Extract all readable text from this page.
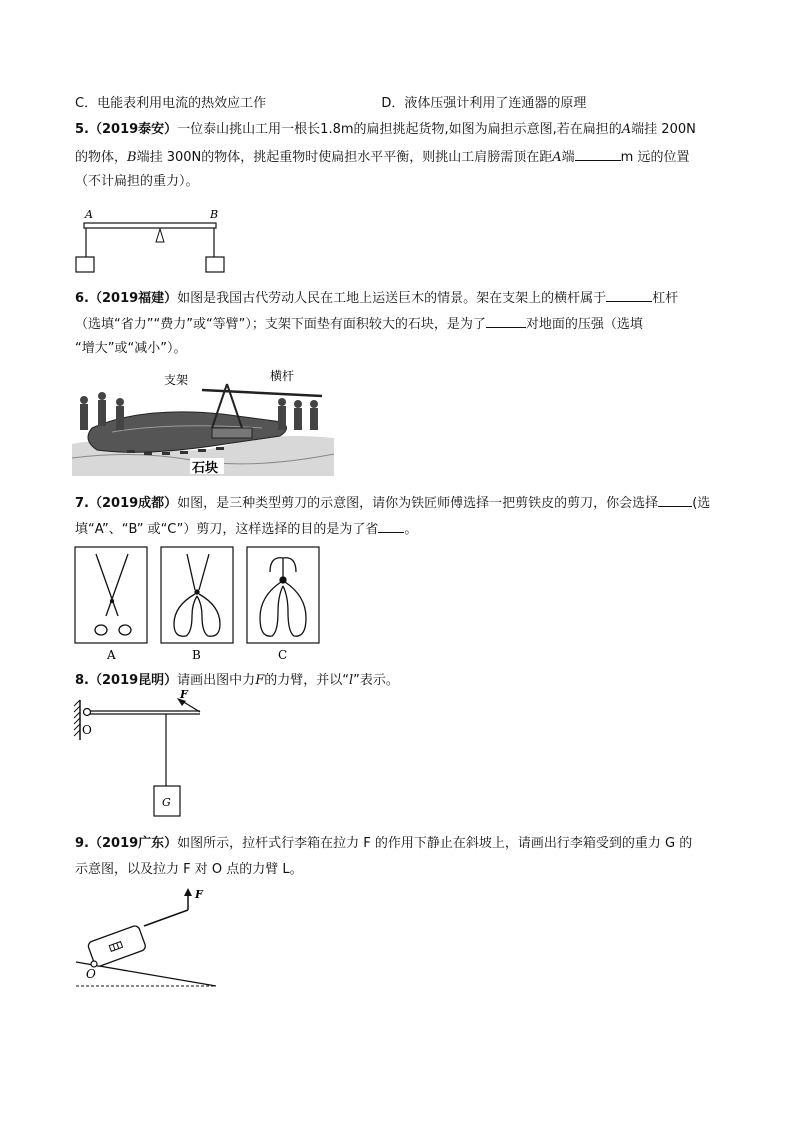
C．电能表利用电流的热效应工作	D．液体压强计利用了连通器的原理
5.（2019泰安）一位泰山挑山工用一根长1.8m的扁担挑起货物,如图为扁担示意图,若在扁担的A端挂 200N
的物体，B端挂 300N的物体，挑起重物时使扁担水平平衡，则挑山工肩膀需顶在距A端	m 远的位置
（不计扁担的重力）。
A	B
6.（2019福建）如图是我国古代劳动人民在工地上运送巨木的情景。架在支架上的横杆属于	杠杆
（选填“省力”“费力”或“等臂”）；支架下面垫有面积较大的石块，是为了	对地面的压强（选填
“增大”或“减小”）。
支架	横杆
石块
7.（2019成都）如图，是三种类型剪刀的示意图，请你为铁匠师傅选择一把剪铁皮的剪刀，你会选择	(选
填“A”、“B” 或“C”）剪刀，这样选择的目的是为了省 。
A	B	C
8.（2019昆明）请画出图中力F的力臂，并以“l”表示。
F
O
G
9.（2019广东）如图所示，拉杆式行李箱在拉力 F 的作用下静止在斜坡上，请画出行李箱受到的重力 G 的
示意图，以及拉力 F 对 O 点的力臂 L。
F
O
